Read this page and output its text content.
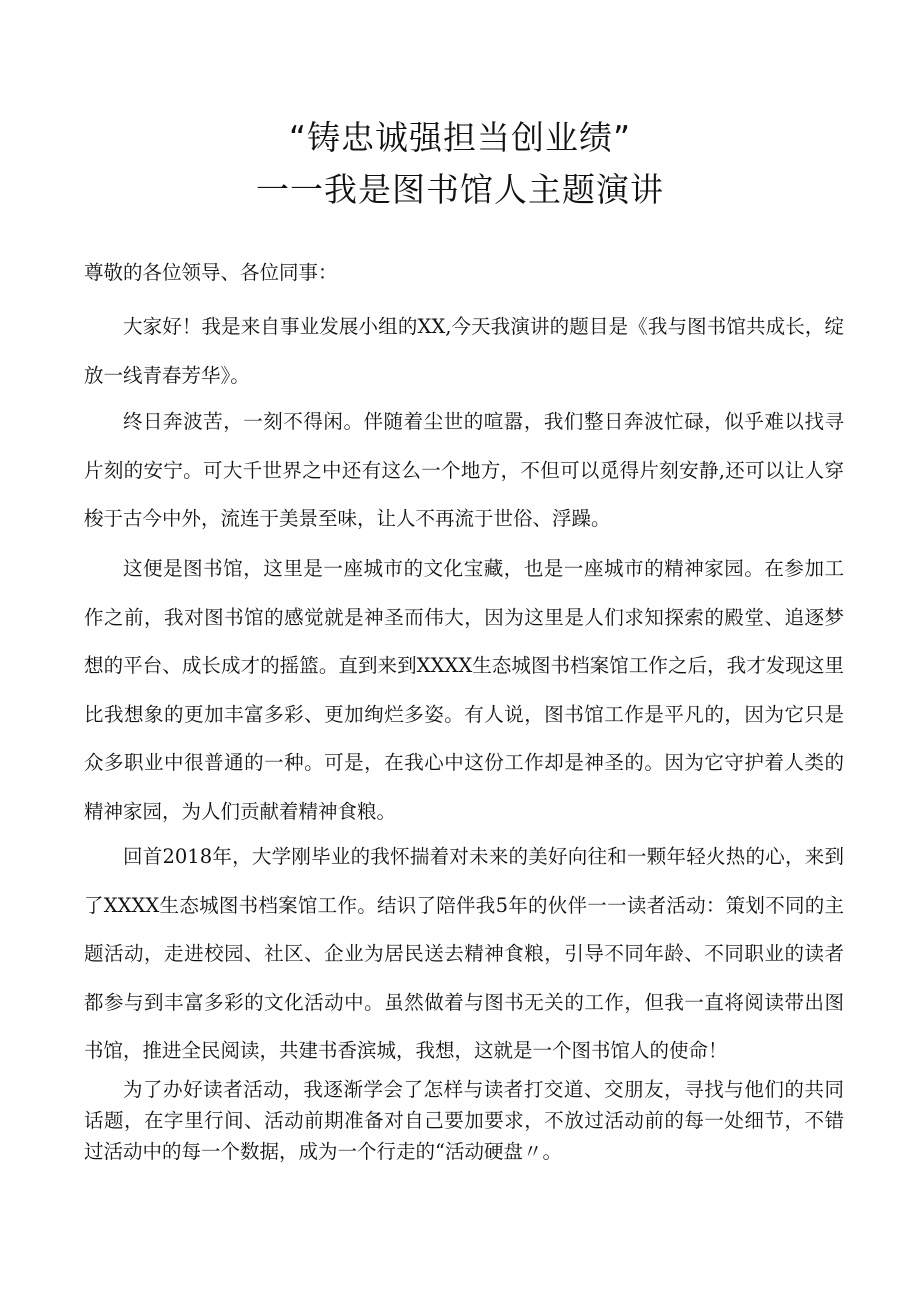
“铸忠诚强担当创业绩”
一一我是图书馆人主题演讲
尊敬的各位领导、各位同事：

大家好！我是来自事业发展小组的XX,今天我演讲的题目是《我与图书馆共成长，绽放一线青春芳华》。

终日奔波苦，一刻不得闲。伴随着尘世的喧嚣，我们整日奔波忙碌，似乎难以找寻片刻的安宁。可大千世界之中还有这么一个地方，不但可以觅得片刻安静,还可以让人穿梭于古今中外，流连于美景至味，让人不再流于世俗、浮躁。

这便是图书馆，这里是一座城市的文化宝藏，也是一座城市的精神家园。在参加工作之前，我对图书馆的感觉就是神圣而伟大，因为这里是人们求知探索的殿堂、追逐梦想的平台、成长成才的摇篮。直到来到XXXX生态城图书档案馆工作之后，我才发现这里比我想象的更加丰富多彩、更加绚烂多姿。有人说，图书馆工作是平凡的，因为它只是众多职业中很普通的一种。可是，在我心中这份工作却是神圣的。因为它守护着人类的精神家园，为人们贡献着精神食粮。

回首2018年，大学刚毕业的我怀揣着对未来的美好向往和一颗年轻火热的心，来到了XXXX生态城图书档案馆工作。结识了陪伴我5年的伙伴一一读者活动：策划不同的主题活动，走进校园、社区、企业为居民送去精神食粮，引导不同年龄、不同职业的读者都参与到丰富多彩的文化活动中。虽然做着与图书无关的工作，但我一直将阅读带出图书馆，推进全民阅读，共建书香滨城，我想，这就是一个图书馆人的使命！

为了办好读者活动，我逐渐学会了怎样与读者打交道、交朋友，寻找与他们的共同话题，在字里行间、活动前期准备对自己要加要求，不放过活动前的每一处细节，不错过活动中的每一个数据，成为一个行走的“活动硬盘〃。
